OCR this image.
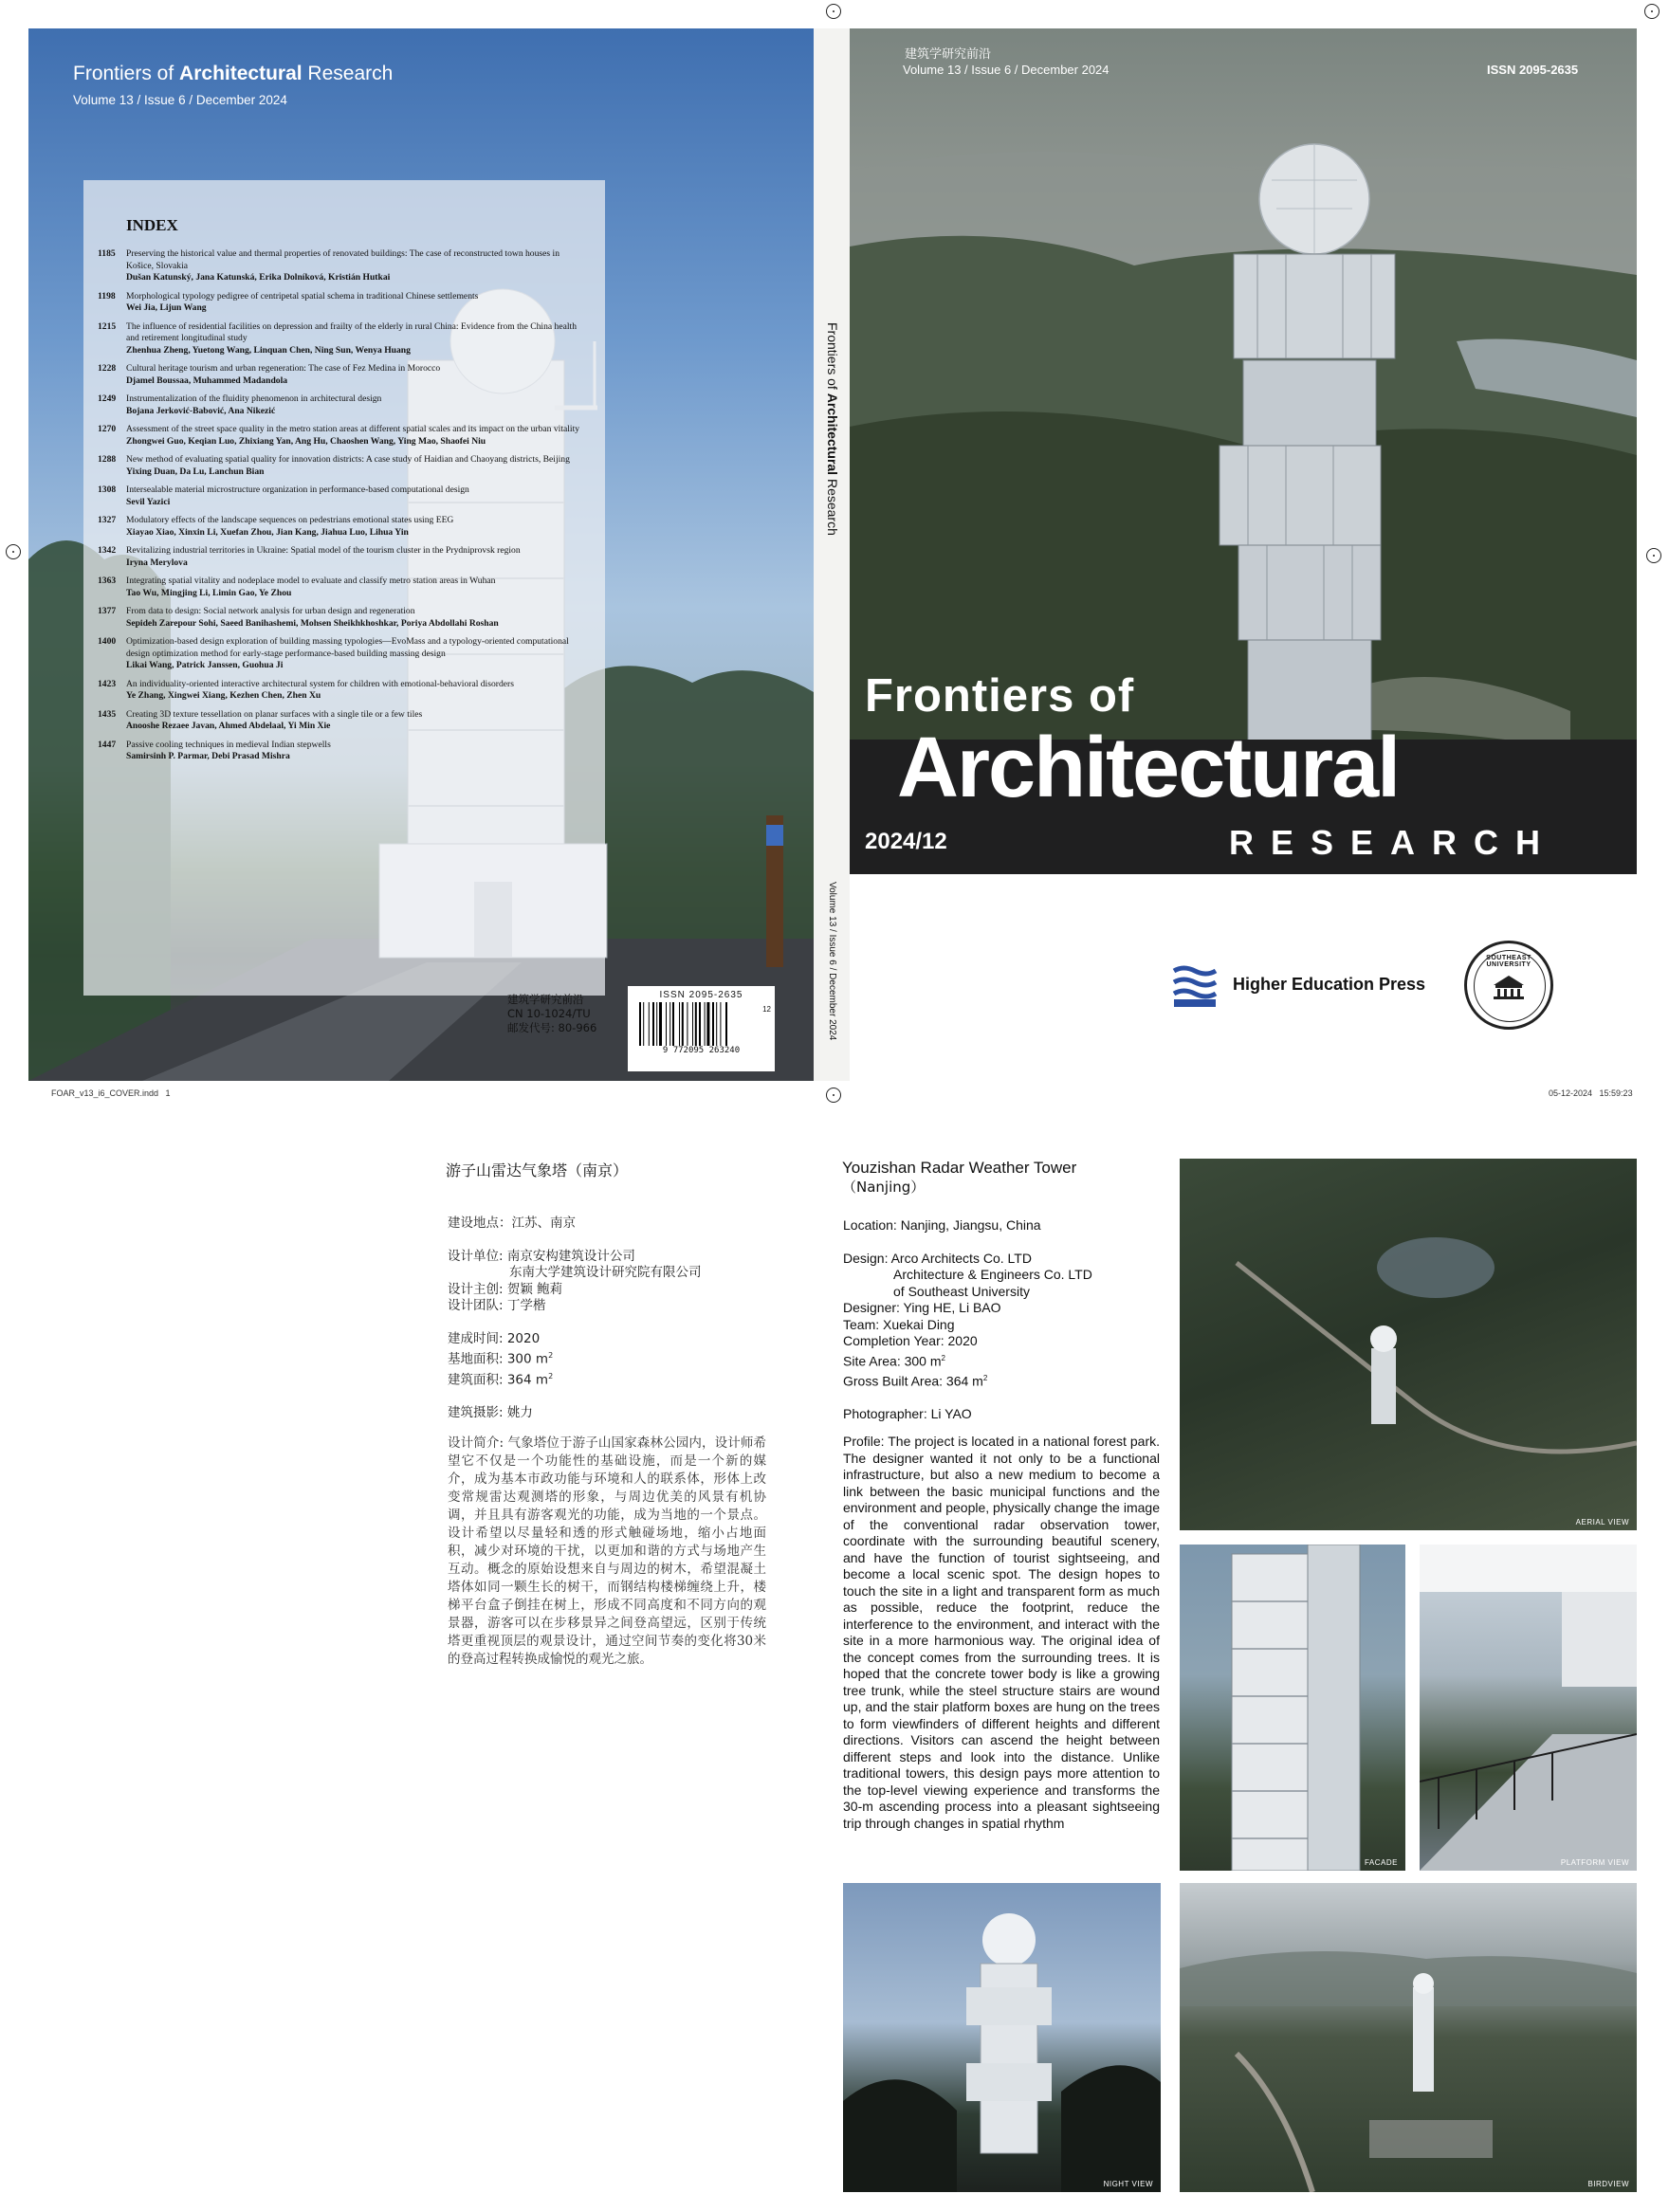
Frontiers of Architectural Research
Volume 13 / Issue 6 / December 2024
INDEX
1185	Preserving the historical value and thermal properties of renovated buildings: The case of reconstructed town houses in Košice, Slovakia
Dušan Katunský, Jana Katunská, Erika Dolníková, Kristián Hutkai
1198	Morphological typology pedigree of centripetal spatial schema in traditional Chinese settlements
Wei Jia, Lijun Wang
1215	The influence of residential facilities on depression and frailty of the elderly in rural China: Evidence from the China health and retirement longitudinal study
Zhenhua Zheng, Yuetong Wang, Linquan Chen, Ning Sun, Wenya Huang
1228	Cultural heritage tourism and urban regeneration: The case of Fez Medina in Morocco
Djamel Boussaa, Muhammed Madandola
1249	Instrumentalization of the fluidity phenomenon in architectural design
Bojana Jerković-Babović, Ana Nikezić
1270	Assessment of the street space quality in the metro station areas at different spatial scales and its impact on the urban vitality
Zhongwei Guo, Keqian Luo, Zhixiang Yan, Ang Hu, Chaoshen Wang, Ying Mao, Shaofei Niu
1288	New method of evaluating spatial quality for innovation districts: A case study of Haidian and Chaoyang districts, Beijing
Yixing Duan, Da Lu, Lanchun Bian
1308	Intersealable material microstructure organization in performance-based computational design
Sevil Yazici
1327	Modulatory effects of the landscape sequences on pedestrians emotional states using EEG
Xiayao Xiao, Xinxin Li, Xuefan Zhou, Jian Kang, Jiahua Luo, Lihua Yin
1342	Revitalizing industrial territories in Ukraine: Spatial model of the tourism cluster in the Prydniprovsk region
Iryna Merylova
1363	Integrating spatial vitality and nodeplace model to evaluate and classify metro station areas in Wuhan
Tao Wu, Mingjing Li, Limin Gao, Ye Zhou
1377	From data to design: Social network analysis for urban design and regeneration
Sepideh Zarepour Sohi, Saeed Banihashemi, Mohsen Sheikhkhoshkar, Poriya Abdollahi Roshan
1400	Optimization-based design exploration of building massing typologies—EvoMass and a typology-oriented computational design optimization method for early-stage performance-based building massing design
Likai Wang, Patrick Janssen, Guohua Ji
1423	An individuality-oriented interactive architectural system for children with emotional-behavioral disorders
Ye Zhang, Xingwei Xiang, Kezhen Chen, Zhen Xu
1435	Creating 3D texture tessellation on planar surfaces with a single tile or a few tiles
Anooshe Rezaee Javan, Ahmed Abdelaal, Yi Min Xie
1447	Passive cooling techniques in medieval Indian stepwells
Samirsinh P. Parmar, Debi Prasad Mishra
ISSN 2095-2635
9 772095 263240
12
建筑学研究前沿
CN 10-1024/TU
邮发代号: 80-966
Frontiers of Architectural Research
Volume 13 / Issue 6 / December 2024
建筑学研究前沿
Volume 13 / Issue 6 / December 2024	ISSN 2095-2635
Frontiers of
Architectural
2024/12	RESEARCH
Higher Education Press
SOUTHEAST UNIVERSITY
FOAR_v13_i6_COVER.indd   1	05-12-2024   15:59:23
游子山雷达气象塔（南京）
建设地点：江苏、南京
设计单位: 南京安构建筑设计公司
东南大学建筑设计研究院有限公司
设计主创: 贺颖 鲍莉
设计团队: 丁学楷
建成时间: 2020
基地面积: 300 $m^2$
建筑面积: 364 $m^2$
建筑摄影: 姚力
设计简介: 气象塔位于游子山国家森林公园内，设计师希望它不仅是一个功能性的基础设施，而是一个新的媒介，成为基本市政功能与环境和人的联系体，形体上改变常规雷达观测塔的形象，与周边优美的风景有机协调，并且具有游客观光的功能，成为当地的一个景点。设计希望以尽量轻和透的形式触碰场地，缩小占地面积，减少对环境的干扰，以更加和谐的方式与场地产生互动。概念的原始设想来自与周边的树木，希望混凝土塔体如同一颗生长的树干，而钢结构楼梯缠绕上升，楼梯平台盒子倒挂在树上，形成不同高度和不同方向的观景器，游客可以在步移景异之间登高望远，区别于传统塔更重视顶层的观景设计，通过空间节奏的变化将30米的登高过程转换成愉悦的观光之旅。
Youzishan Radar Weather Tower
（Nanjing）
Location: Nanjing, Jiangsu, China
Design: Arco Architects Co. LTD
Architecture & Engineers Co. LTD
of Southeast University
Designer: Ying HE, Li BAO
Team: Xuekai Ding
Completion Year: 2020
Site Area: 300 $m^2$
Gross Built Area: 364 $m^2$
Photographer: Li YAO
Profile: The project is located in a national forest park. The designer wanted it not only to be a functional infrastructure, but also a new medium to become a link between the basic municipal functions and the environment and people, physically change the image of the conventional radar observation tower, coordinate with the surrounding beautiful scenery, and have the function of tourist sightseeing, and become a local scenic spot. The design hopes to touch the site in a light and transparent form as much as possible, reduce the footprint, reduce the interference to the environment, and interact with the site in a more harmonious way. The original idea of the concept comes from the surrounding trees. It is hoped that the concrete tower body is like a growing tree trunk, while the steel structure stairs are wound up, and the stair platform boxes are hung on the trees to form viewfinders of different heights and different directions. Visitors can ascend the height between different steps and look into the distance. Unlike traditional towers, this design pays more attention to the top-level viewing experience and transforms the 30-m ascending process into a pleasant sightseeing trip through changes in spatial rhythm
AERIAL VIEW
FACADE	PLATFORM VIEW
NIGHT VIEW	BIRDVIEW
